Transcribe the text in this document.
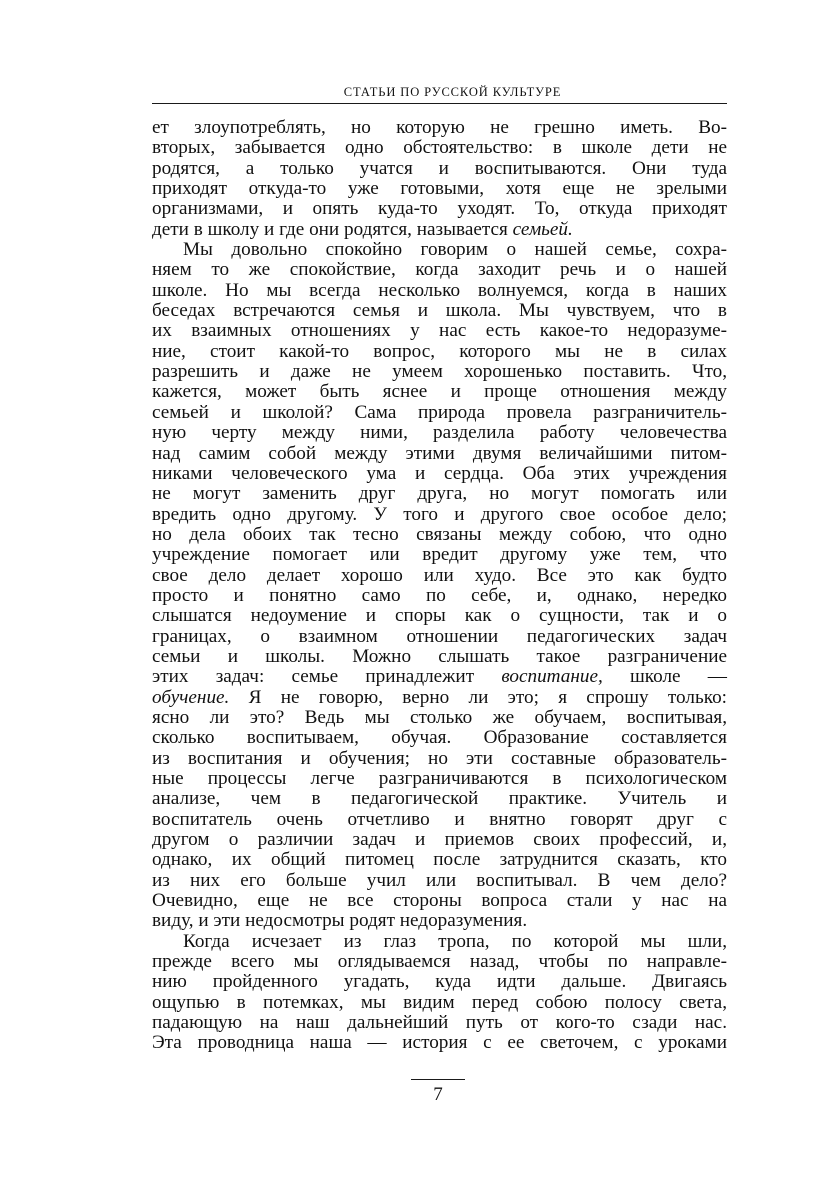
СТАТЬИ ПО РУССКОЙ КУЛЬТУРЕ
ет злоупотреблять, но которую не грешно иметь. Во-
вторых, забывается одно обстоятельство: в школе дети не
родятся, а только учатся и воспитываются. Они туда
приходят откуда-то уже готовыми, хотя еще не зрелыми
организмами, и опять куда-то уходят. То, откуда приходят
дети в школу и где они родятся, называется семьей.
Мы довольно спокойно говорим о нашей семье, сохра-
няем то же спокойствие, когда заходит речь и о нашей
школе. Но мы всегда несколько волнуемся, когда в наших
беседах встречаются семья и школа. Мы чувствуем, что в
их взаимных отношениях у нас есть какое-то недоразуме-
ние, стоит какой-то вопрос, которого мы не в силах
разрешить и даже не умеем хорошенько поставить. Что,
кажется, может быть яснее и проще отношения между
семьей и школой? Сама природа провела разграничитель-
ную черту между ними, разделила работу человечества
над самим собой между этими двумя величайшими питом-
никами человеческого ума и сердца. Оба этих учреждения
не могут заменить друг друга, но могут помогать или
вредить одно другому. У того и другого свое особое дело;
но дела обоих так тесно связаны между собою, что одно
учреждение помогает или вредит другому уже тем, что
свое дело делает хорошо или худо. Все это как будто
просто и понятно само по себе, и, однако, нередко
слышатся недоумение и споры как о сущности, так и о
границах, о взаимном отношении педагогических задач
семьи и школы. Можно слышать такое разграничение
этих задач: семье принадлежит воспитание, школе —
обучение. Я не говорю, верно ли это; я спрошу только:
ясно ли это? Ведь мы столько же обучаем, воспитывая,
сколько воспитываем, обучая. Образование составляется
из воспитания и обучения; но эти составные образователь-
ные процессы легче разграничиваются в психологическом
анализе, чем в педагогической практике. Учитель и
воспитатель очень отчетливо и внятно говорят друг с
другом о различии задач и приемов своих профессий, и,
однако, их общий питомец после затруднится сказать, кто
из них его больше учил или воспитывал. В чем дело?
Очевидно, еще не все стороны вопроса стали у нас на
виду, и эти недосмотры родят недоразумения.
Когда исчезает из глаз тропа, по которой мы шли,
прежде всего мы оглядываемся назад, чтобы по направле-
нию пройденного угадать, куда идти дальше. Двигаясь
ощупью в потемках, мы видим перед собою полосу света,
падающую на наш дальнейший путь от кого-то сзади нас.
Эта проводница наша — история с ее светочем, с уроками
7
